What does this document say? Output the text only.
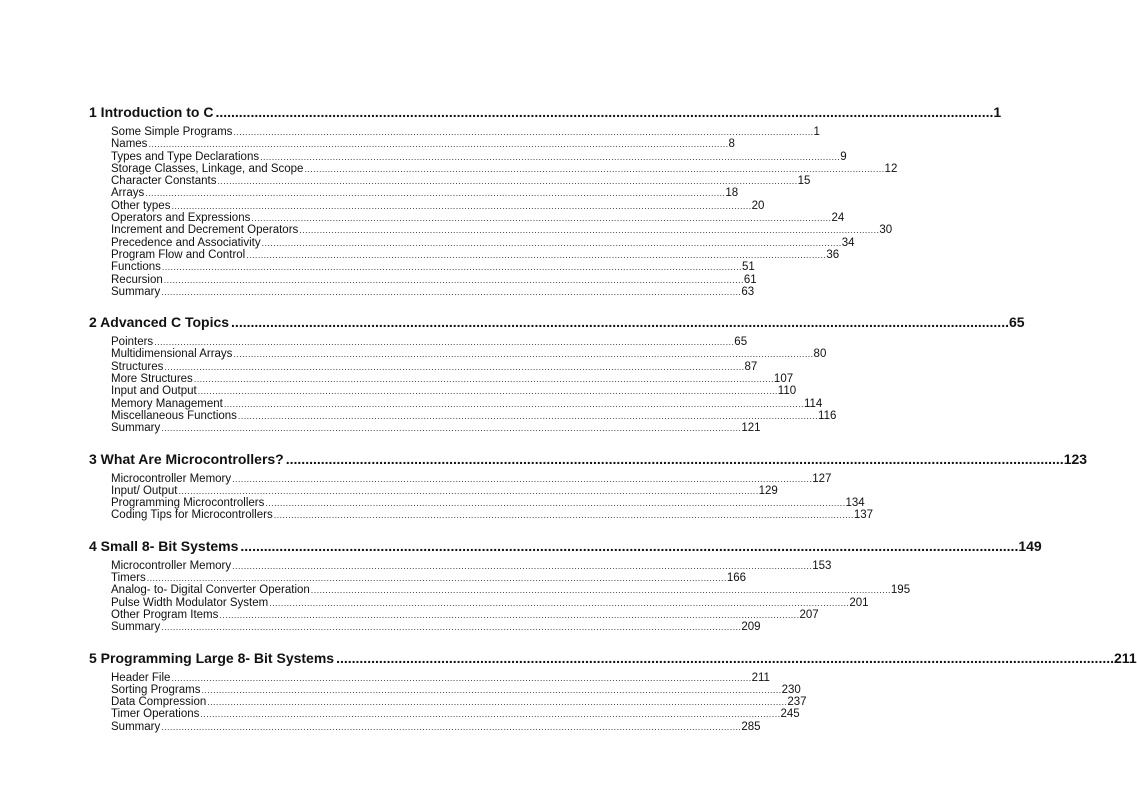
1 Introduction to C ........................................................................................................................................................................................................ 1
Some Simple Programs ........................................................................................................................................................................................................ 1
Names ........................................................................................................................................................................................................ 8
Types and Type Declarations ........................................................................................................................................................................................................ 9
Storage Classes, Linkage, and Scope ........................................................................................................................................................................................................ 12
Character Constants ........................................................................................................................................................................................................ 15
Arrays ........................................................................................................................................................................................................ 18
Other types ........................................................................................................................................................................................................ 20
Operators and Expressions ........................................................................................................................................................................................................ 24
Increment and Decrement Operators ........................................................................................................................................................................................................ 30
Precedence and Associativity ........................................................................................................................................................................................................ 34
Program Flow and Control ........................................................................................................................................................................................................ 36
Functions ........................................................................................................................................................................................................ 51
Recursion ........................................................................................................................................................................................................ 61
Summary ........................................................................................................................................................................................................ 63
2 Advanced C Topics ........................................................................................................................................................................................................ 65
Pointers ........................................................................................................................................................................................................ 65
Multidimensional Arrays ........................................................................................................................................................................................................ 80
Structures ........................................................................................................................................................................................................ 87
More Structures ........................................................................................................................................................................................................ 107
Input and Output ........................................................................................................................................................................................................ 110
Memory Management ........................................................................................................................................................................................................ 114
Miscellaneous Functions ........................................................................................................................................................................................................ 116
Summary ........................................................................................................................................................................................................ 121
3 What Are Microcontrollers? ........................................................................................................................................................................................................ 123
Microcontroller Memory ........................................................................................................................................................................................................ 127
Input/ Output ........................................................................................................................................................................................................ 129
Programming Microcontrollers ........................................................................................................................................................................................................ 134
Coding Tips for Microcontrollers ........................................................................................................................................................................................................ 137
4 Small 8- Bit Systems ........................................................................................................................................................................................................ 149
Microcontroller Memory ........................................................................................................................................................................................................ 153
Timers ........................................................................................................................................................................................................ 166
Analog- to- Digital Converter Operation ........................................................................................................................................................................................................ 195
Pulse Width Modulator System ........................................................................................................................................................................................................ 201
Other Program Items ........................................................................................................................................................................................................ 207
Summary ........................................................................................................................................................................................................ 209
5 Programming Large 8- Bit Systems ........................................................................................................................................................................................................ 211
Header File ........................................................................................................................................................................................................ 211
Sorting Programs ........................................................................................................................................................................................................ 230
Data Compression ........................................................................................................................................................................................................ 237
Timer Operations ........................................................................................................................................................................................................ 245
Summary ........................................................................................................................................................................................................ 285
